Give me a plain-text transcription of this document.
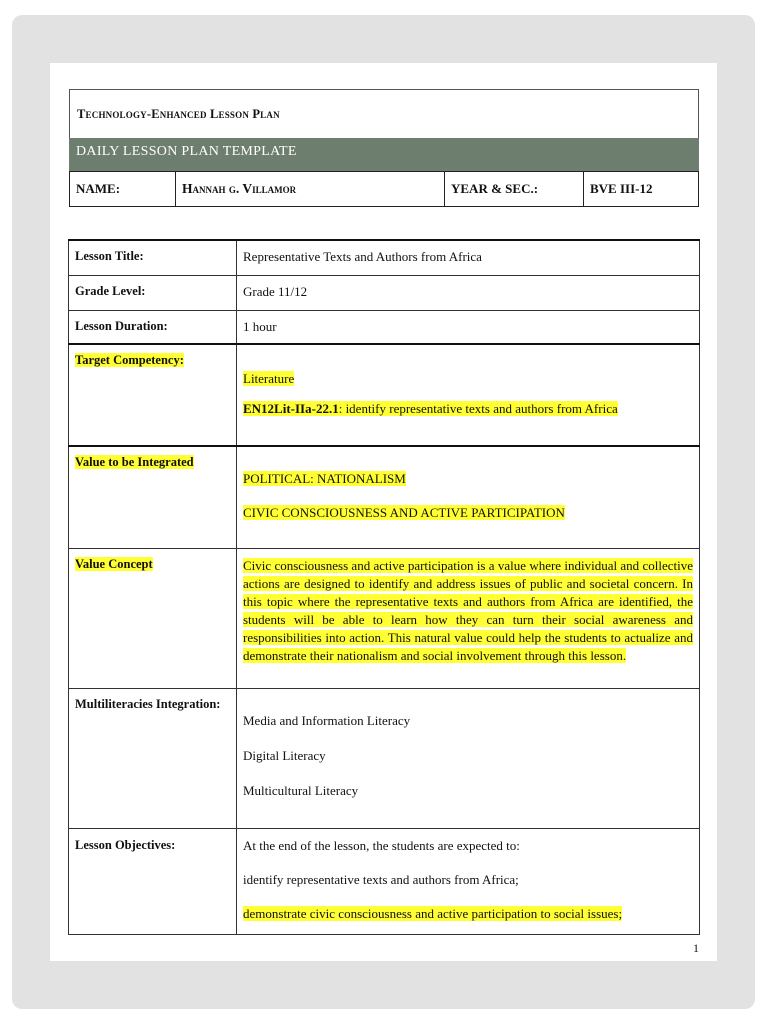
Technology-Enhanced Lesson Plan
DAILY LESSON PLAN TEMPLATE
NAME:	Hannah g. Villamor	YEAR & SEC.:	BVE III-12
Lesson Title:	Representative Texts and Authors from Africa
Grade Level:	Grade 11/12
Lesson Duration:	1 hour
Target Competency:	Literature

EN12Lit-IIa-22.1: identify representative texts and authors from Africa

Value to be Integrated	POLITICAL: NATIONALISM

CIVIC CONSCIOUSNESS AND ACTIVE PARTICIPATION

Value Concept	Civic consciousness and active participation is a value where individual and collective actions are designed to identify and address issues of public and societal concern. In this topic where the representative texts and authors from Africa are identified, the students will be able to learn how they can turn their social awareness and responsibilities into action. This natural value could help the students to actualize and demonstrate their nationalism and social involvement through this lesson.

Multiliteracies Integration:	Media and Information Literacy

Digital Literacy

Multicultural Literacy

Lesson Objectives:	At the end of the lesson, the students are expected to:

identify representative texts and authors from Africa;

demonstrate civic consciousness and active participation to social issues;

1
